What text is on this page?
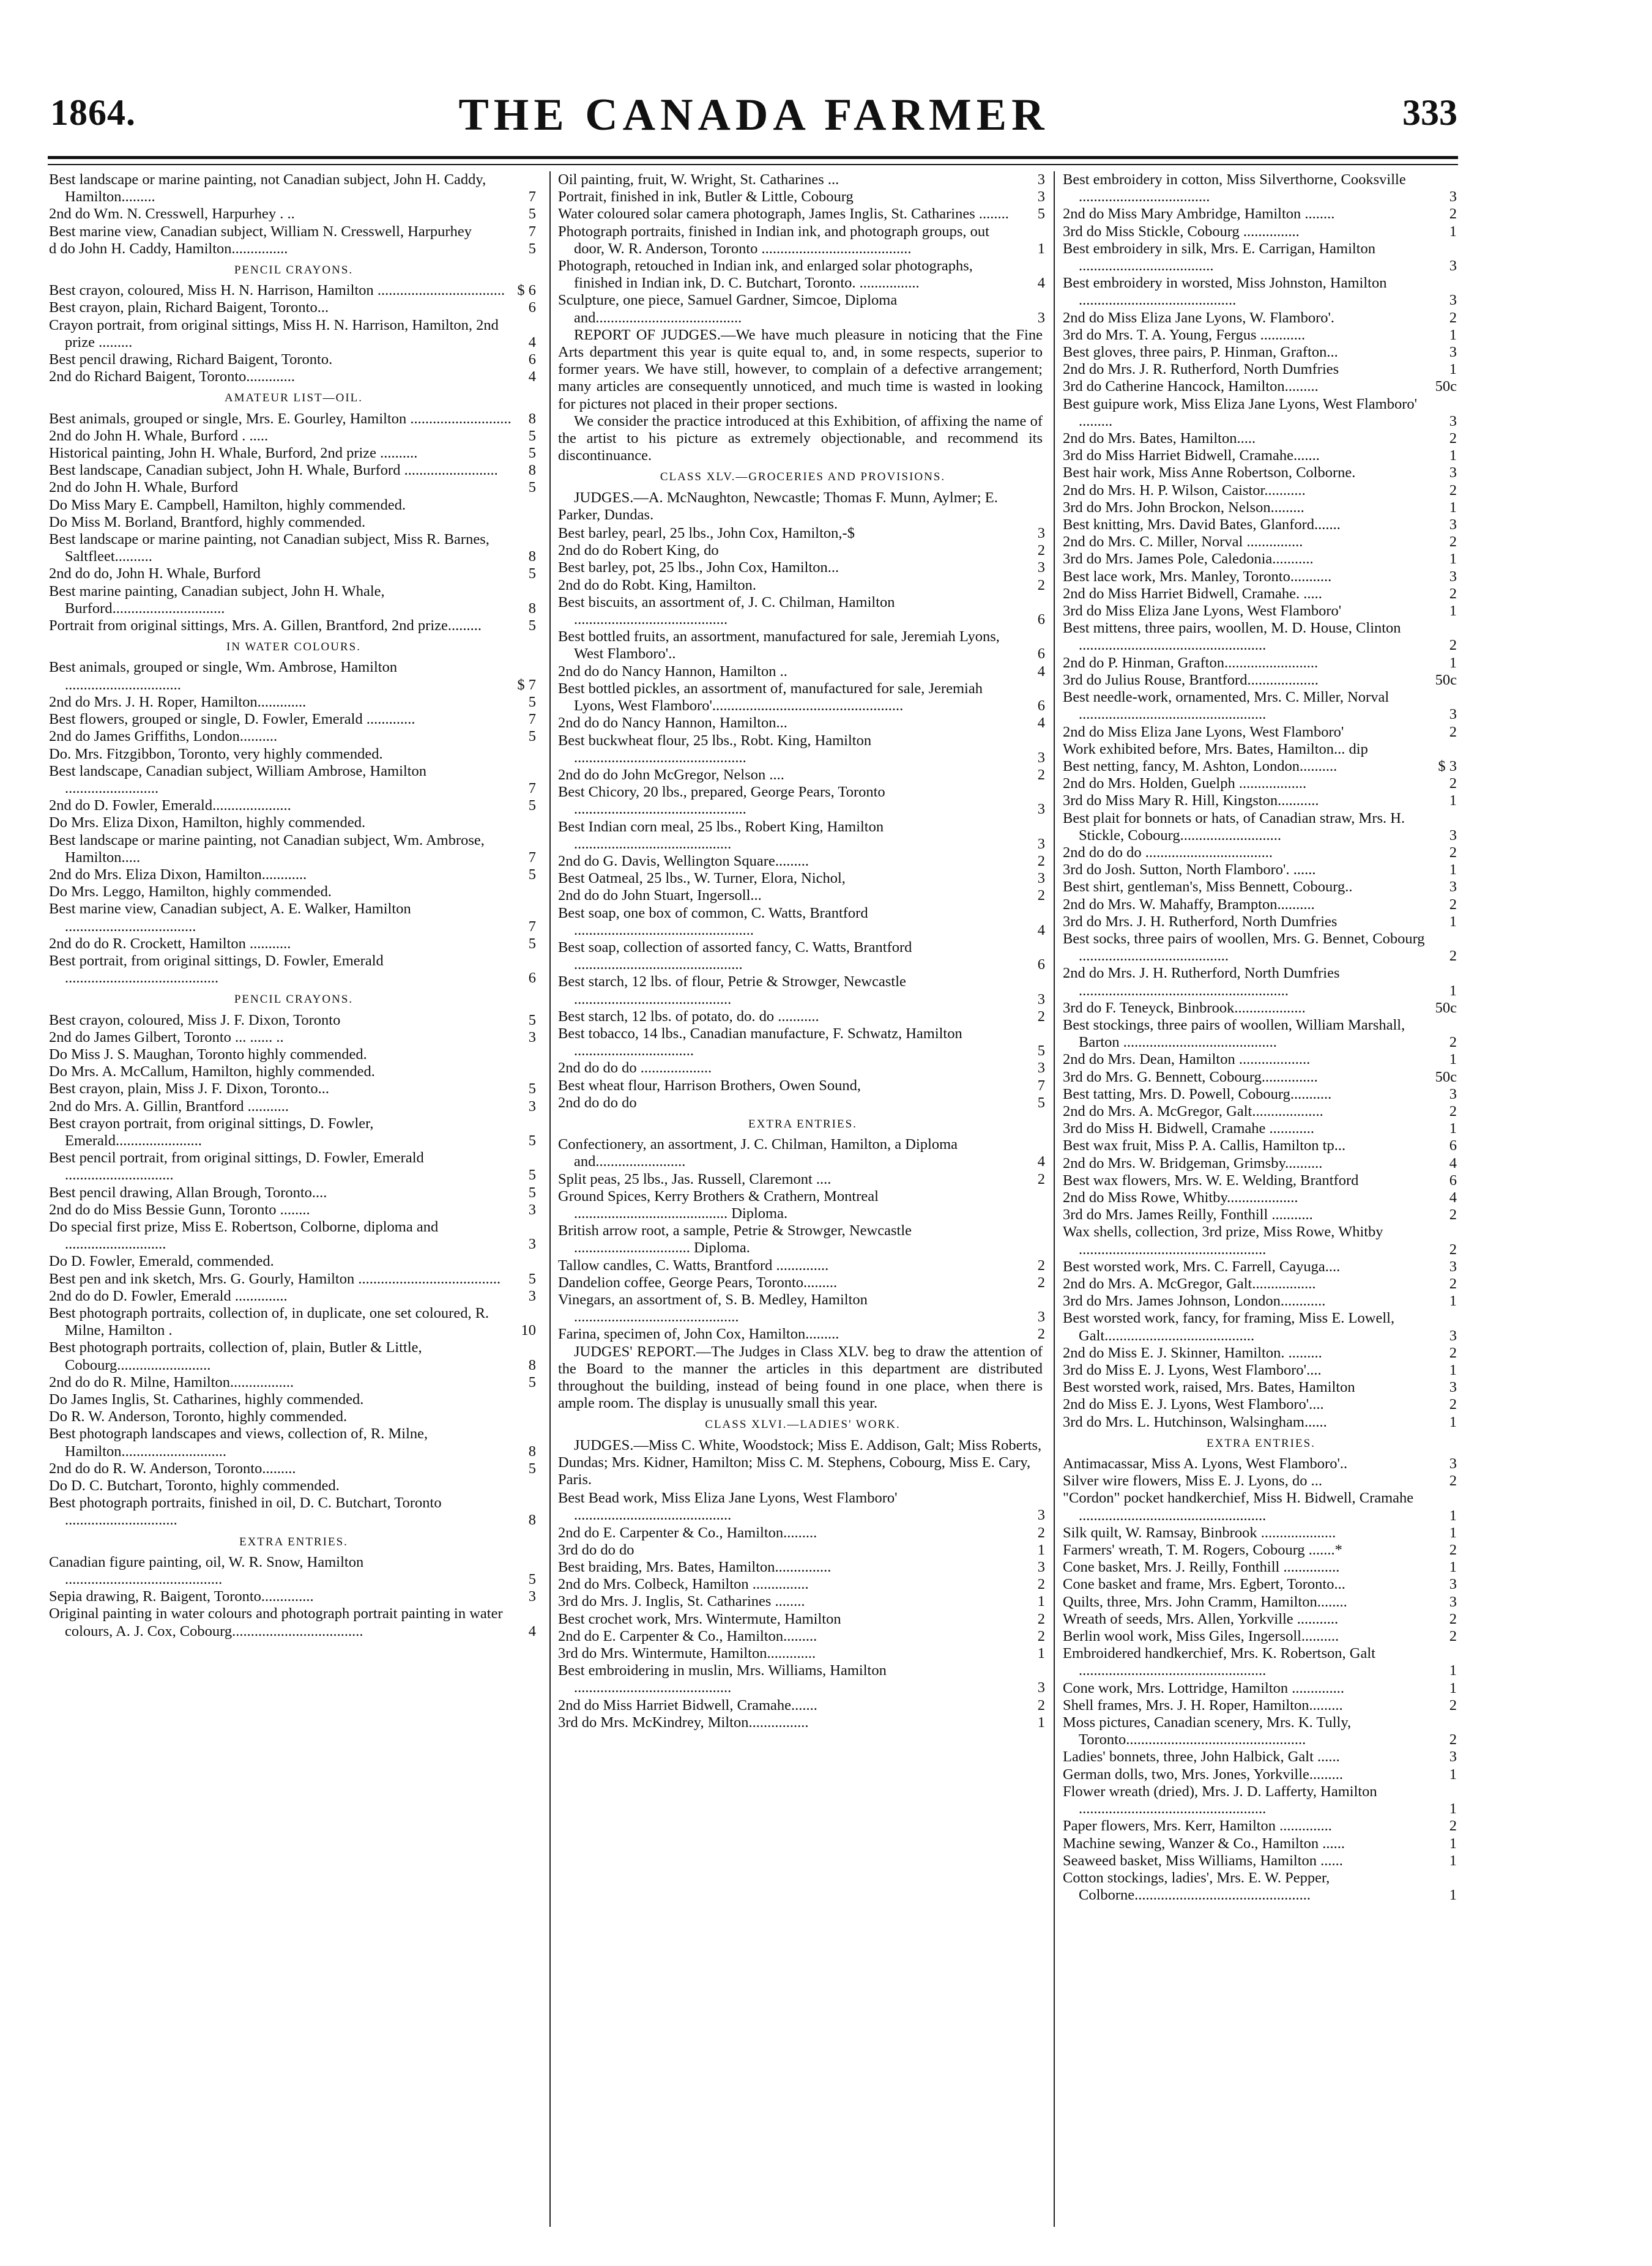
1864.	THE CANADA FARMER	333
Best landscape or marine painting, not Canadian subject, John H. Caddy, Hamilton.........	7
2nd do Wm. N. Cresswell, Harpurhey . ..	5
Best marine view, Canadian subject, William N. Cresswell, Harpurhey	7
d do John H. Caddy, Hamilton...............	5
PENCIL CRAYONS.
Best crayon, coloured, Miss H. N. Harrison, Hamilton .................................. $ 6
Best crayon, plain, Richard Baigent, Toronto...	6
Crayon portrait, from original sittings, Miss H. N. Harrison, Hamilton, 2nd prize .........	4
Best pencil drawing, Richard Baigent, Toronto.	6
2nd do Richard Baigent, Toronto.............	4
AMATEUR LIST—OIL.
Best animals, grouped or single, Mrs. E. Gourley, Hamilton ........................... 8
2nd do John H. Whale, Burford . .....	5
Historical painting, John H. Whale, Burford, 2nd prize ..........	5
Best landscape, Canadian subject, John H. Whale, Burford ......................... 8
2nd do John H. Whale, Burford	5
Do Miss Mary E. Campbell, Hamilton, highly commended.
Do Miss M. Borland, Brantford, highly commended.
Best landscape or marine painting, not Canadian subject, Miss R. Barnes, Saltfleet..........	8
2nd do do, John H. Whale, Burford	5
Best marine painting, Canadian subject, John H. Whale, Burford..............................	8
Portrait from original sittings, Mrs. A. Gillen, Brantford, 2nd prize.........	5
IN WATER COLOURS.
Best animals, grouped or single, Wm. Ambrose, Hamilton ...............................	$ 7
2nd do Mrs. J. H. Roper, Hamilton.............	5
Best flowers, grouped or single, D. Fowler, Emerald .............	7
2nd do James Griffiths, London..........	5
Do. Mrs. Fitzgibbon, Toronto, very highly commended.
Best landscape, Canadian subject, William Ambrose, Hamilton .........................	7
2nd do D. Fowler, Emerald.....................	5
Do Mrs. Eliza Dixon, Hamilton, highly commended.
Best landscape or marine painting, not Canadian subject, Wm. Ambrose, Hamilton.....	7
2nd do Mrs. Eliza Dixon, Hamilton............	5
Do Mrs. Leggo, Hamilton, highly commended.
Best marine view, Canadian subject, A. E. Walker, Hamilton ...................................	7
2nd do do R. Crockett, Hamilton ...........	5
Best portrait, from original sittings, D. Fowler, Emerald .........................................	6
PENCIL CRAYONS.
Best crayon, coloured, Miss J. F. Dixon, Toronto	5
2nd do James Gilbert, Toronto ... ...... ..	3
Do Miss J. S. Maughan, Toronto highly commended.
Do Mrs. A. McCallum, Hamilton, highly commended.
Best crayon, plain, Miss J. F. Dixon, Toronto...	5
2nd do Mrs. A. Gillin, Brantford ...........	3
Best crayon portrait, from original sittings, D. Fowler, Emerald.......................	5
Best pencil portrait, from original sittings, D. Fowler, Emerald .............................	5
Best pencil drawing, Allan Brough, Toronto....	5
2nd do do Miss Bessie Gunn, Toronto ........	3
Do special first prize, Miss E. Robertson, Colborne, diploma and ...........................	3
Do D. Fowler, Emerald, commended.
Best pen and ink sketch, Mrs. G. Gourly, Hamilton ...................................... 5
2nd do do D. Fowler, Emerald ..............	3
Best photograph portraits, collection of, in duplicate, one set coloured, R. Milne, Hamilton .	10
Best photograph portraits, collection of, plain, Butler & Little, Cobourg.........................	8
2nd do do R. Milne, Hamilton.................	5
Do James Inglis, St. Catharines, highly commended.
Do R. W. Anderson, Toronto, highly commended.
Best photograph landscapes and views, collection of, R. Milne, Hamilton............................	8
2nd do do R. W. Anderson, Toronto.........	5
Do D. C. Butchart, Toronto, highly commended.
Best photograph portraits, finished in oil, D. C. Butchart, Toronto ..............................	8
EXTRA ENTRIES.
Canadian figure painting, oil, W. R. Snow, Hamilton ..........................................	5
Sepia drawing, R. Baigent, Toronto..............	3
Original painting in water colours and photograph portrait painting in water colours, A. J. Cox, Cobourg...................................	4
Oil painting, fruit, W. Wright, St. Catharines ...	3
Portrait, finished in ink, Butler & Little, Cobourg	3
Water coloured solar camera photograph, James Inglis, St. Catharines ........ 5
Photograph portraits, finished in Indian ink, and photograph groups, out door, W. R. Anderson, Toronto ........................................	1
Photograph, retouched in Indian ink, and enlarged solar photographs, finished in Indian ink, D. C. Butchart, Toronto. ................	4
Sculpture, one piece, Samuel Gardner, Simcoe, Diploma and.......................................	3
REPORT OF JUDGES.—We have much pleasure in noticing that the Fine Arts department this year is quite equal to, and, in some respects, superior to former years. We have still, however, to complain of a defective arrangement; many articles are consequently unnoticed, and much time is wasted in looking for pictures not placed in their proper sections.
We consider the practice introduced at this Exhibition, of affixing the name of the artist to his picture as extremely objectionable, and recommend its discontinuance.
CLASS XLV.—GROCERIES AND PROVISIONS.
JUDGES.—A. McNaughton, Newcastle; Thomas F. Munn, Aylmer; E. Parker, Dundas.
Best barley, pearl, 25 lbs., John Cox, Hamilton,-$	3
2nd do do Robert King, do	2
Best barley, pot, 25 lbs., John Cox, Hamilton...	3
2nd do do Robt. King, Hamilton.	2
Best biscuits, an assortment of, J. C. Chilman, Hamilton .........................................	6
Best bottled fruits, an assortment, manufactured for sale, Jeremiah Lyons, West Flamboro'..	6
2nd do do Nancy Hannon, Hamilton ..	4
Best bottled pickles, an assortment of, manufactured for sale, Jeremiah Lyons, West Flamboro'...................................................	6
2nd do do Nancy Hannon, Hamilton...	4
Best buckwheat flour, 25 lbs., Robt. King, Hamilton ..............................................	3
2nd do do John McGregor, Nelson ....	2
Best Chicory, 20 lbs., prepared, George Pears, Toronto ..............................................	3
Best Indian corn meal, 25 lbs., Robert King, Hamilton ..........................................	3
2nd do G. Davis, Wellington Square.........	2
Best Oatmeal, 25 lbs., W. Turner, Elora, Nichol,	3
2nd do do John Stuart, Ingersoll...	2
Best soap, one box of common, C. Watts, Brantford ................................................	4
Best soap, collection of assorted fancy, C. Watts, Brantford .............................................	6
Best starch, 12 lbs. of flour, Petrie & Strowger, Newcastle ..........................................	3
Best starch, 12 lbs. of potato, do. do ...........	2
Best tobacco, 14 lbs., Canadian manufacture, F. Schwatz, Hamilton ................................	5
2nd do do do ...................	3
Best wheat flour, Harrison Brothers, Owen Sound,	7
2nd do do do	5
EXTRA ENTRIES.
Confectionery, an assortment, J. C. Chilman, Hamilton, a Diploma and........................	4
Split peas, 25 lbs., Jas. Russell, Claremont ....	2
Ground Spices, Kerry Brothers & Crathern, Montreal ......................................... Diploma.
British arrow root, a sample, Petrie & Strowger, Newcastle ............................... Diploma.
Tallow candles, C. Watts, Brantford ..............	2
Dandelion coffee, George Pears, Toronto.........	2
Vinegars, an assortment of, S. B. Medley, Hamilton ............................................	3
Farina, specimen of, John Cox, Hamilton.........	2
JUDGES' REPORT.—The Judges in Class XLV. beg to draw the attention of the Board to the manner the articles in this department are distributed throughout the building, instead of being found in one place, when there is ample room. The display is unusually small this year.
CLASS XLVI.—LADIES' WORK.
JUDGES.—Miss C. White, Woodstock; Miss E. Addison, Galt; Miss Roberts, Dundas; Mrs. Kidner, Hamilton; Miss C. M. Stephens, Cobourg, Miss E. Cary, Paris.
Best Bead work, Miss Eliza Jane Lyons, West Flamboro' ..........................................	3
2nd do E. Carpenter & Co., Hamilton.........	2
3rd do do do	1
Best braiding, Mrs. Bates, Hamilton...............	3
2nd do Mrs. Colbeck, Hamilton ...............	2
3rd do Mrs. J. Inglis, St. Catharines ........	1
Best crochet work, Mrs. Wintermute, Hamilton	2
2nd do E. Carpenter & Co., Hamilton.........	2
3rd do Mrs. Wintermute, Hamilton.............	1
Best embroidering in muslin, Mrs. Williams, Hamilton ..........................................	3
2nd do Miss Harriet Bidwell, Cramahe.......	2
3rd do Mrs. McKindrey, Milton................	1
Best embroidery in cotton, Miss Silverthorne, Cooksville ...................................	3
2nd do Miss Mary Ambridge, Hamilton ........	2
3rd do Miss Stickle, Cobourg ...............	1
Best embroidery in silk, Mrs. E. Carrigan, Hamilton ....................................	3
Best embroidery in worsted, Miss Johnston, Hamilton ..........................................	3
2nd do Miss Eliza Jane Lyons, W. Flamboro'.	2
3rd do Mrs. T. A. Young, Fergus ............	1
Best gloves, three pairs, P. Hinman, Grafton...	3
2nd do Mrs. J. R. Rutherford, North Dumfries	1
3rd do Catherine Hancock, Hamilton.........	50c
Best guipure work, Miss Eliza Jane Lyons, West Flamboro' .........	3
2nd do Mrs. Bates, Hamilton.....	2
3rd do Miss Harriet Bidwell, Cramahe.......	1
Best hair work, Miss Anne Robertson, Colborne.	3
2nd do Mrs. H. P. Wilson, Caistor...........	2
3rd do Mrs. John Brockon, Nelson.........	1
Best knitting, Mrs. David Bates, Glanford.......	3
2nd do Mrs. C. Miller, Norval ...............	2
3rd do Mrs. James Pole, Caledonia...........	1
Best lace work, Mrs. Manley, Toronto...........	3
2nd do Miss Harriet Bidwell, Cramahe. .....	2
3rd do Miss Eliza Jane Lyons, West Flamboro'	1
Best mittens, three pairs, woollen, M. D. House, Clinton ..................................................	2
2nd do P. Hinman, Grafton.........................	1
3rd do Julius Rouse, Brantford...................	50c
Best needle-work, ornamented, Mrs. C. Miller, Norval ..................................................	3
2nd do Miss Eliza Jane Lyons, West Flamboro'	2
Work exhibited before, Mrs. Bates, Hamilton... dip
Best netting, fancy, M. Ashton, London..........	$ 3
2nd do Mrs. Holden, Guelph ..................	2
3rd do Miss Mary R. Hill, Kingston...........	1
Best plait for bonnets or hats, of Canadian straw, Mrs. H. Stickle, Cobourg...........................	3
2nd do do do ..................................	2
3rd do Josh. Sutton, North Flamboro'. ......	1
Best shirt, gentleman's, Miss Bennett, Cobourg..	3
2nd do Mrs. W. Mahaffy, Brampton..........	2
3rd do Mrs. J. H. Rutherford, North Dumfries	1
Best socks, three pairs of woollen, Mrs. G. Bennet, Cobourg ........................................	2
2nd do Mrs. J. H. Rutherford, North Dumfries ........................................................	1
3rd do F. Teneyck, Binbrook...................	50c
Best stockings, three pairs of woollen, William Marshall, Barton .........................................	2
2nd do Mrs. Dean, Hamilton ...................	1
3rd do Mrs. G. Bennett, Cobourg...............	50c
Best tatting, Mrs. D. Powell, Cobourg...........	3
2nd do Mrs. A. McGregor, Galt...................	2
3rd do Miss H. Bidwell, Cramahe ............	1
Best wax fruit, Miss P. A. Callis, Hamilton tp...	6
2nd do Mrs. W. Bridgeman, Grimsby..........	4
Best wax flowers, Mrs. W. E. Welding, Brantford	6
2nd do Miss Rowe, Whitby...................	4
3rd do Mrs. James Reilly, Fonthill ...........	2
Wax shells, collection, 3rd prize, Miss Rowe, Whitby ..................................................	2
Best worsted work, Mrs. C. Farrell, Cayuga....	3
2nd do Mrs. A. McGregor, Galt.................	2
3rd do Mrs. James Johnson, London............	1
Best worsted work, fancy, for framing, Miss E. Lowell, Galt........................................	3
2nd do Miss E. J. Skinner, Hamilton. .........	2
3rd do Miss E. J. Lyons, West Flamboro'....	1
Best worsted work, raised, Mrs. Bates, Hamilton	3
2nd do Miss E. J. Lyons, West Flamboro'....	2
3rd do Mrs. L. Hutchinson, Walsingham......	1
EXTRA ENTRIES.
Antimacassar, Miss A. Lyons, West Flamboro'..	3
Silver wire flowers, Miss E. J. Lyons, do ...	2
"Cordon" pocket handkerchief, Miss H. Bidwell, Cramahe ..................................................	1
Silk quilt, W. Ramsay, Binbrook ....................	1
Farmers' wreath, T. M. Rogers, Cobourg .......*	2
Cone basket, Mrs. J. Reilly, Fonthill ...............	1
Cone basket and frame, Mrs. Egbert, Toronto...	3
Quilts, three, Mrs. John Cramm, Hamilton........	3
Wreath of seeds, Mrs. Allen, Yorkville ...........	2
Berlin wool work, Miss Giles, Ingersoll..........	2
Embroidered handkerchief, Mrs. K. Robertson, Galt ..................................................	1
Cone work, Mrs. Lottridge, Hamilton ..............	1
Shell frames, Mrs. J. H. Roper, Hamilton.........	2
Moss pictures, Canadian scenery, Mrs. K. Tully, Toronto................................................	2
Ladies' bonnets, three, John Halbick, Galt ......	3
German dolls, two, Mrs. Jones, Yorkville.........	1
Flower wreath (dried), Mrs. J. D. Lafferty, Hamilton ..................................................	1
Paper flowers, Mrs. Kerr, Hamilton ..............	2
Machine sewing, Wanzer & Co., Hamilton ......	1
Seaweed basket, Miss Williams, Hamilton ......	1
Cotton stockings, ladies', Mrs. E. W. Pepper, Colborne...............................................	1
